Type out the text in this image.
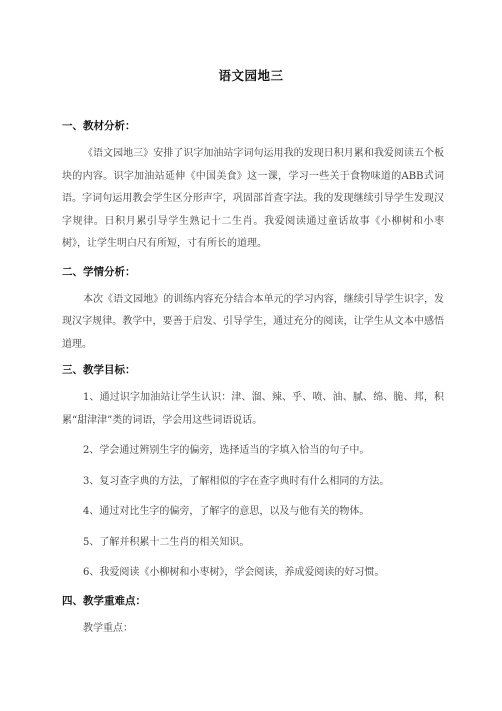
语文园地三
一、教材分析：

《语文园地三》安排了识字加油站字词句运用我的发现日积月累和我爱阅读五个板块的内容。识字加油站延伸《中国美食》这一课，学习一些关于食物味道的ABB式词语。字词句运用教会学生区分形声字，巩固部首查字法。我的发现继续引导学生发现汉字规律。日积月累引导学生熟记十二生肖。我爱阅读通过童话故事《小柳树和小枣树》，让学生明白尺有所短，寸有所长的道理。

二、学情分析：

本次《语文园地》的训练内容充分结合本单元的学习内容，继续引导学生识字，发现汉字规律。教学中，要善于启发、引导学生，通过充分的阅读，让学生从文本中感悟道理。

三、教学目标：

1、通过识字加油站让学生认识：津、溜、辣、乎、喷、油、腻、绵、脆、邦，积累“甜津津”类的词语，学会用这些词语说话。

2、学会通过辨别生字的偏旁，选择适当的字填入恰当的句子中。

3、复习查字典的方法，了解相似的字在查字典时有什么相同的方法。

4、通过对比生字的偏旁，了解字的意思，以及与他有关的物体。

5、了解并积累十二生肖的相关知识。

6、我爱阅读《小柳树和小枣树》，学会阅读，养成爱阅读的好习惯。

四、教学重难点：

教学重点：
